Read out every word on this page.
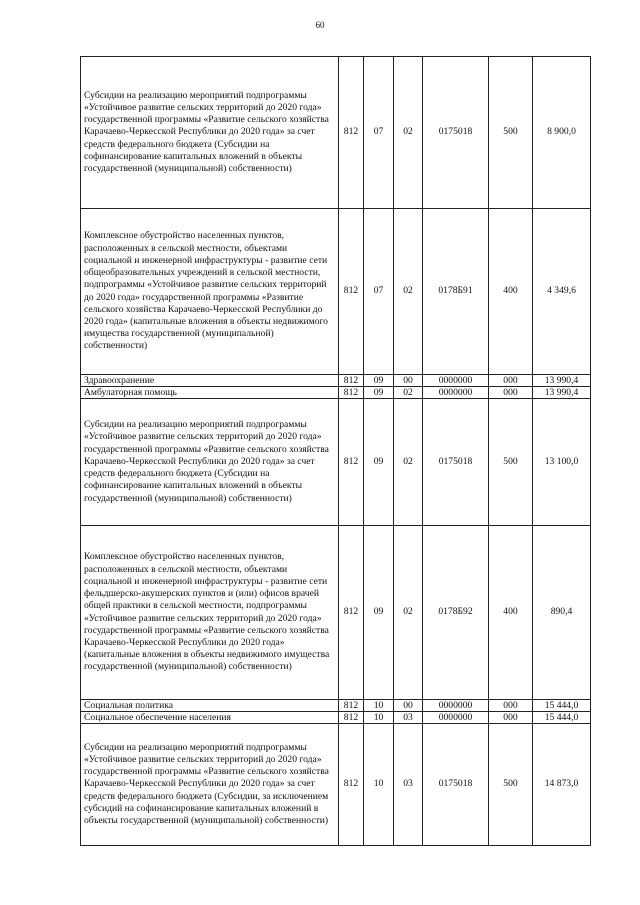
60
Субсидии на реализацию мероприятий подпрограммы «Устойчивое развитие сельских территорий до 2020 года» государственной программы «Развитие сельского хозяйства Карачаево-Черкесской Республики до 2020 года» за счет средств федерального бюджета (Субсидии на софинансирование капитальных вложений в объекты государственной (муниципальной) собственности)	812	07	02	0175018	500	8 900,0
Комплексное обустройство населенных пунктов, расположенных в сельской местности, объектами социальной и инженерной инфраструктуры - развитие сети общеобразовательных учреждений в сельской местности, подпрограммы «Устойчивое развитие сельских территорий до 2020 года» государственной программы «Развитие сельского хозяйства Карачаево-Черкесской Республики до 2020 года» (капитальные вложения в объекты недвижимого имущества государственной (муниципальной) собственности)	812	07	02	0178Б91	400	4 349,6
Здравоохранение	812	09	00	0000000	000	13 990,4
Амбулаторная помощь	812	09	02	0000000	000	13 990,4
Субсидии на реализацию мероприятий подпрограммы «Устойчивое развитие сельских территорий до 2020 года» государственной программы «Развитие сельского хозяйства Карачаево-Черкесской Республики до 2020 года» за счет средств федерального бюджета (Субсидии на софинансирование капитальных вложений в объекты государственной (муниципальной) собственности)	812	09	02	0175018	500	13 100,0
Комплексное обустройство населенных пунктов, расположенных в сельской местности, объектами социальной и инженерной инфраструктуры - развитие сети фельдшерско-акушерских пунктов и (или) офисов врачей общей практики в сельской местности, подпрограммы «Устойчивое развитие сельских территорий до 2020 года» государственной программы «Развитие сельского хозяйства Карачаево-Черкесской Республики до 2020 года» (капитальные вложения в объекты недвижимого имущества государственной (муниципальной) собственности)	812	09	02	0178Б92	400	890,4
Социальная политика	812	10	00	0000000	000	15 444,0
Социальное обеспечение населения	812	10	03	0000000	000	15 444,0
Субсидии на реализацию мероприятий подпрограммы «Устойчивое развитие сельских территорий до 2020 года» государственной программы «Развитие сельского хозяйства Карачаево-Черкесской Республики до 2020 года» за счет средств федерального бюджета (Субсидии, за исключением субсидий на софинансирование капитальных вложений в объекты государственной (муниципальной) собственности)	812	10	03	0175018	500	14 873,0
